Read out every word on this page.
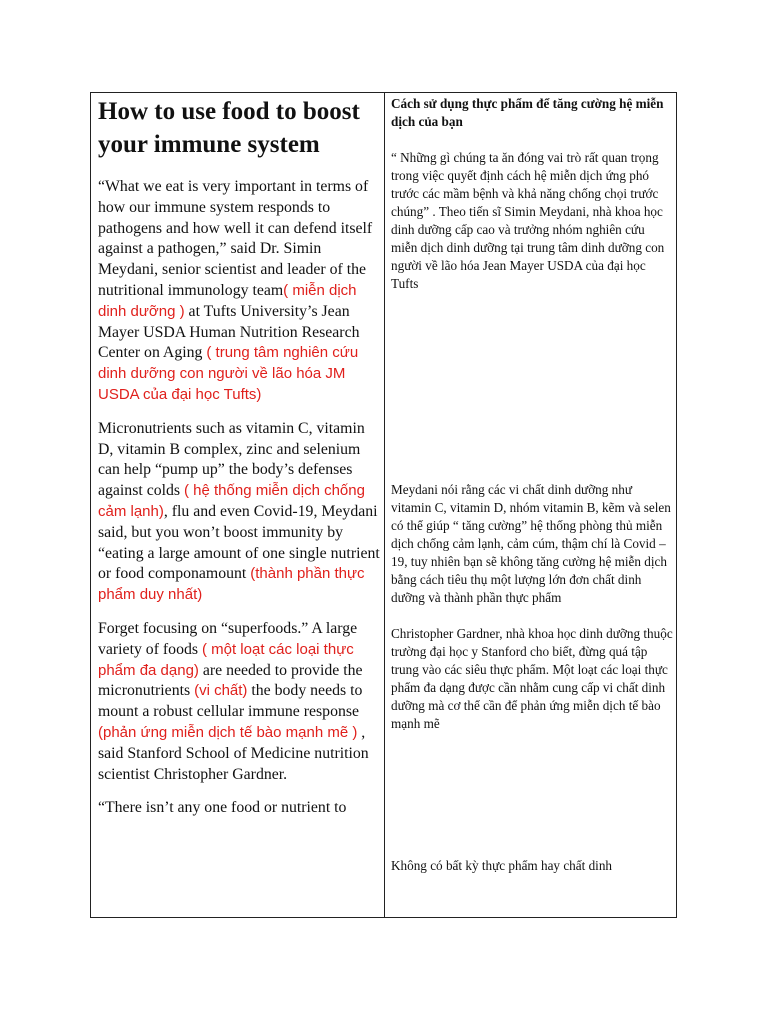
How to use food to boost your immune system

“What we eat is very important in terms of how our immune system responds to pathogens and how well it can defend itself against a pathogen,” said Dr. Simin Meydani, senior scientist and leader of the nutritional immunology team( miễn dịch dinh dưỡng ) at Tufts University’s Jean Mayer USDA Human Nutrition Research Center on Aging ( trung tâm nghiên cứu dinh dưỡng con người về lão hóa JM USDA của đại học Tufts)

Micronutrients such as vitamin C, vitamin D, vitamin B complex, zinc and selenium can help “pump up” the body’s defenses against colds ( hệ thống miễn dịch chống cảm lạnh), flu and even Covid-19, Meydani said, but you won’t boost immunity by “eating a large amount of one single nutrient or food componamount (thành phần thực phẩm duy nhất)

Forget focusing on “superfoods.” A large variety of foods ( một loạt các loại thực phẩm đa dạng) are needed to provide the micronutrients (vi chất) the body needs to mount a robust cellular immune response (phản ứng miễn dịch tế bào mạnh mẽ ) , said Stanford School of Medicine nutrition scientist Christopher Gardner.

“There isn’t any one food or nutrient to

Cách sử dụng thực phẩm để tăng cường hệ miễn dịch của bạn

“ Những gì chúng ta ăn đóng vai trò rất quan trọng trong việc quyết định cách hệ miễn dịch ứng phó trước các mầm bệnh và khả năng chống chọi trước chúng” . Theo tiến sĩ Simin Meydani, nhà khoa học dinh dưỡng cấp cao và trưởng nhóm nghiên cứu miễn dịch dinh dưỡng tại trung tâm dinh dưỡng con người về lão hóa Jean Mayer USDA của đại học Tufts

Meydani nói rằng các vi chất dinh dưỡng như vitamin C, vitamin D, nhóm vitamin B, kẽm và selen có thể giúp “ tăng cường” hệ thống phòng thủ miễn dịch chống cảm lạnh, cảm cúm, thậm chí là Covid – 19, tuy nhiên bạn sẽ không tăng cường hệ miễn dịch bằng cách tiêu thụ một lượng lớn đơn chất dinh dưỡng và thành phần thực phẩm

Christopher Gardner, nhà khoa học dinh dưỡng thuộc trường đại học y Stanford cho biết, đừng quá tập trung vào các siêu thực phẩm. Một loạt các loại thực phẩm đa dạng được cần nhằm cung cấp vi chất dinh dưỡng mà cơ thể cần để phản ứng miễn dịch tế bào mạnh mẽ

Không có bất kỳ thực phẩm hay chất dinh
